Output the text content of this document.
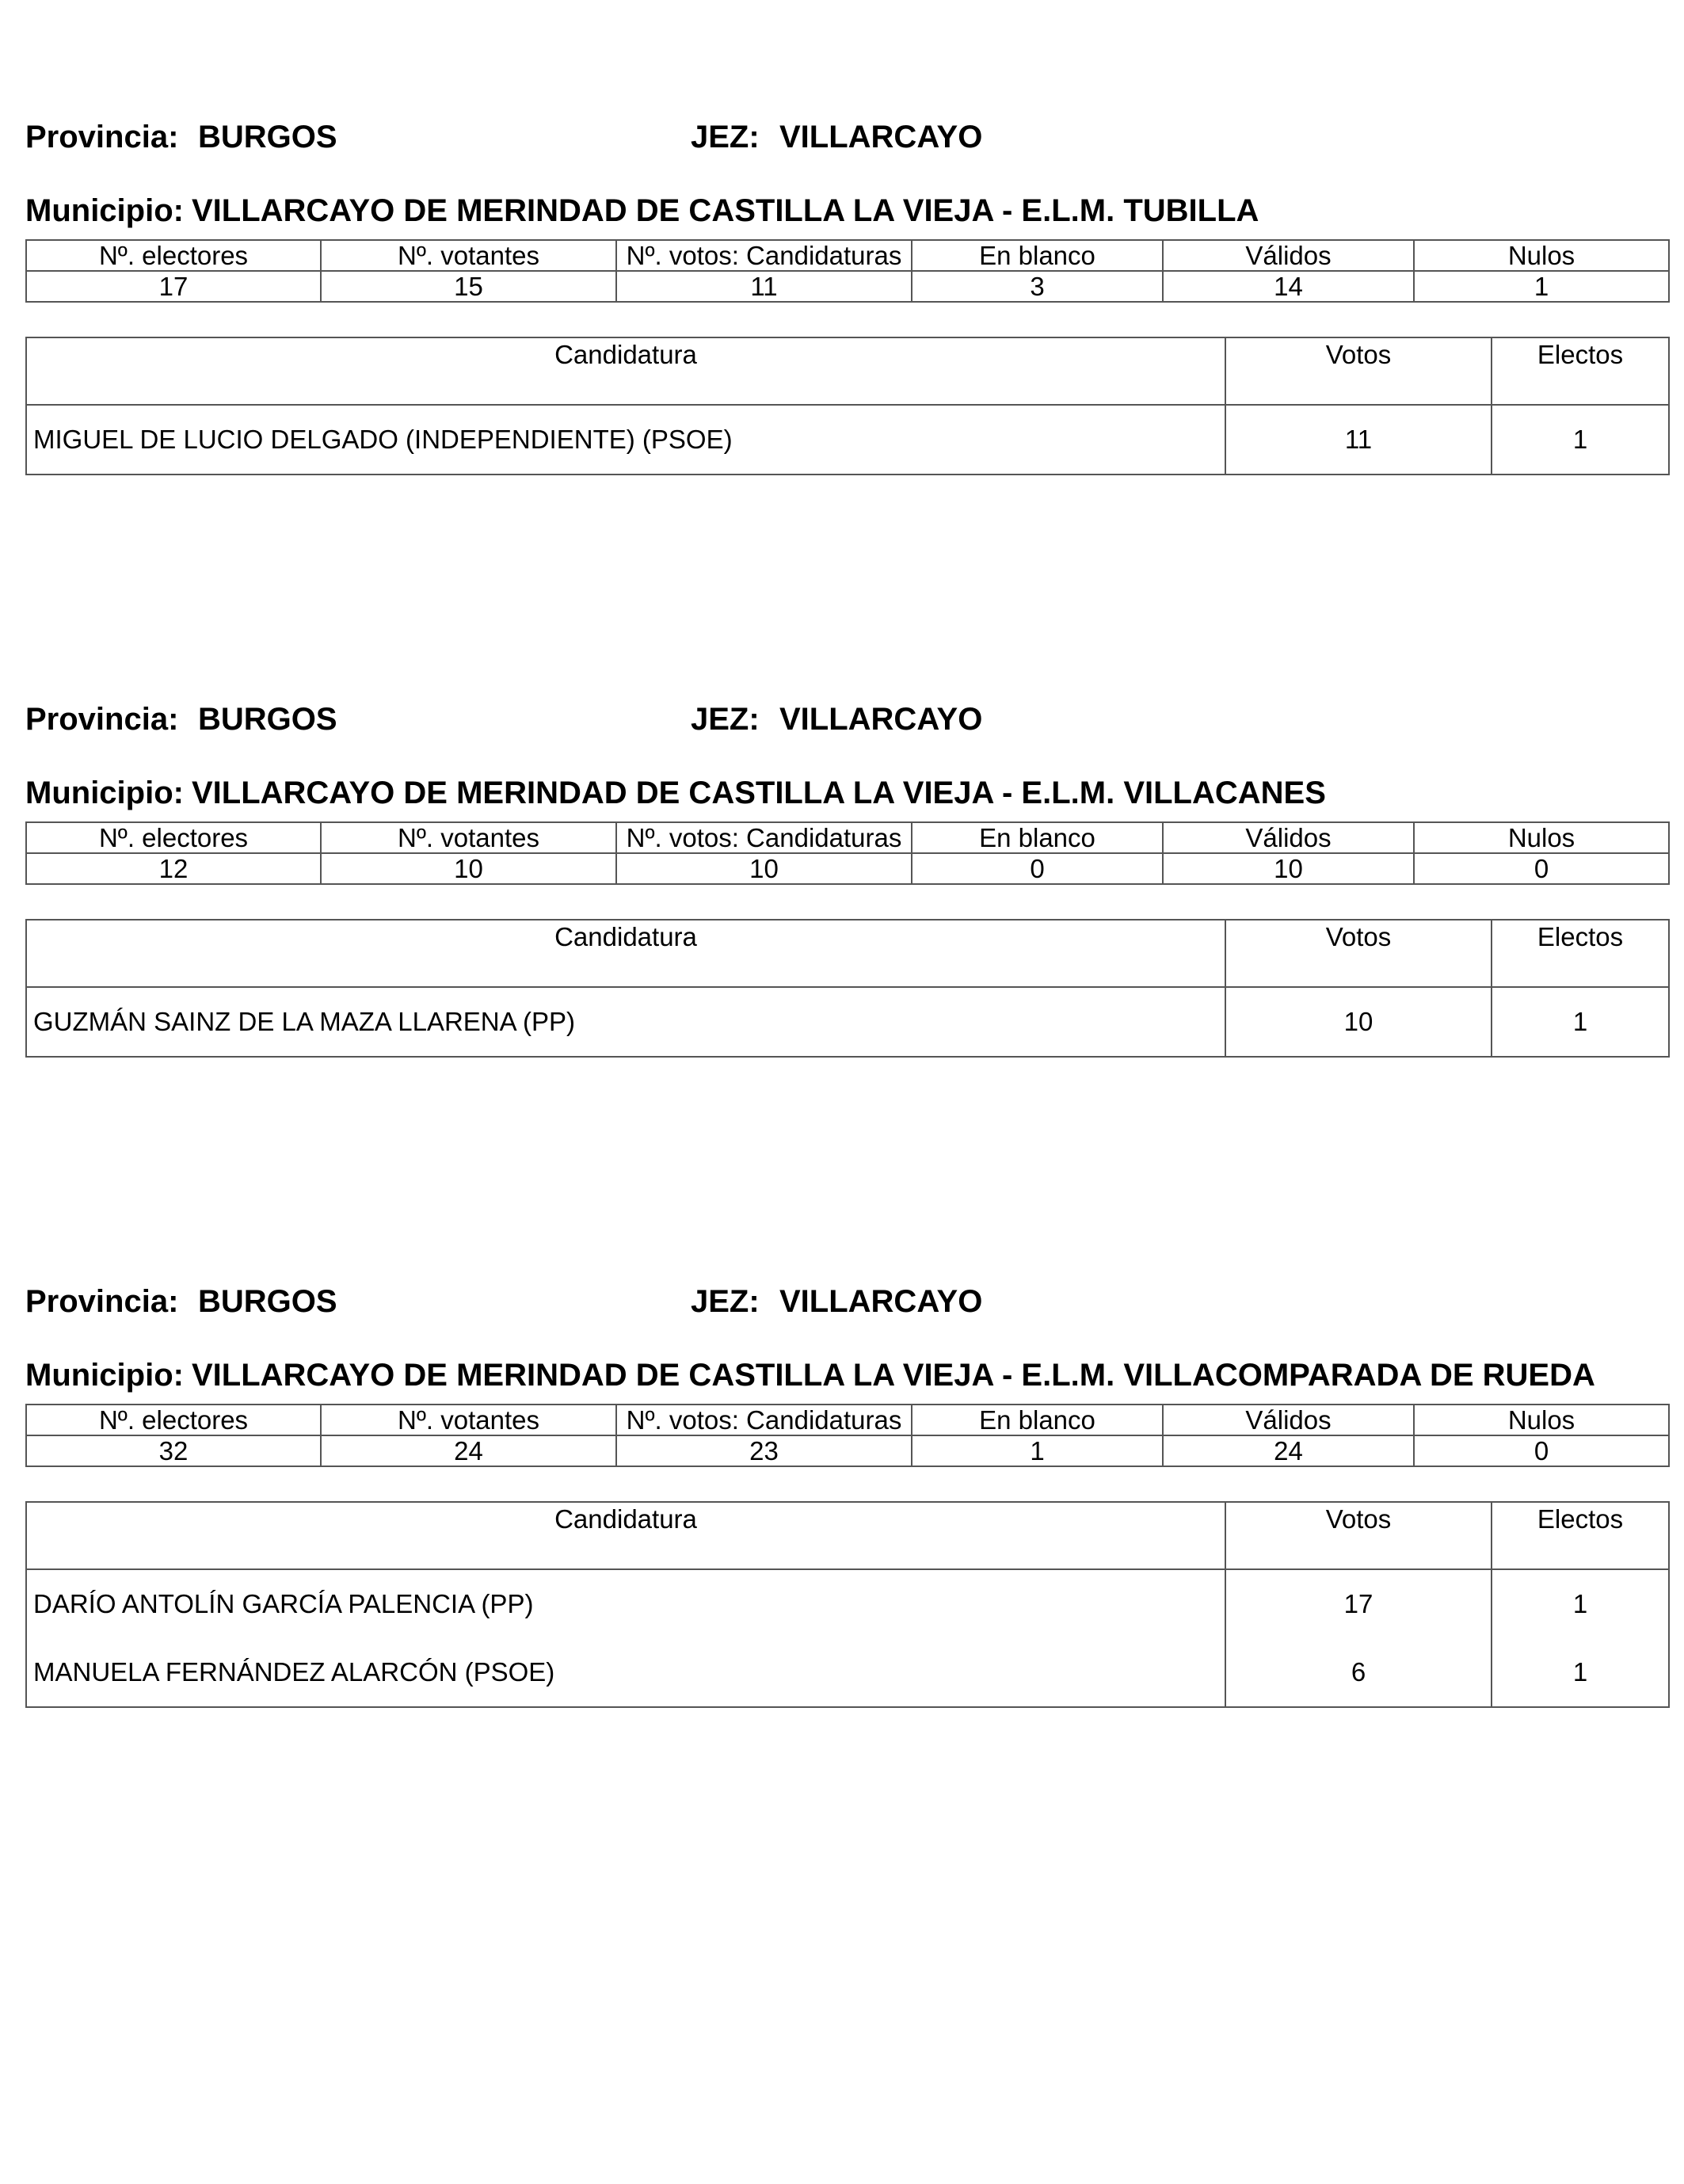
Provincia: BURGOS	JEZ: VILLARCAYO
Municipio: VILLARCAYO DE MERINDAD DE CASTILLA LA VIEJA - E.L.M. TUBILLA
Nº. electores	Nº. votantes	Nº. votos: Candidaturas	En blanco	Válidos	Nulos
17	15	11	3	14	1
Candidatura	Votos	Electos
MIGUEL DE LUCIO DELGADO (INDEPENDIENTE) (PSOE)	11	1
Provincia: BURGOS	JEZ: VILLARCAYO
Municipio: VILLARCAYO DE MERINDAD DE CASTILLA LA VIEJA - E.L.M. VILLACANES
Nº. electores	Nº. votantes	Nº. votos: Candidaturas	En blanco	Válidos	Nulos
12	10	10	0	10	0
Candidatura	Votos	Electos
GUZMÁN SAINZ DE LA MAZA LLARENA (PP)	10	1
Provincia: BURGOS	JEZ: VILLARCAYO
Municipio: VILLARCAYO DE MERINDAD DE CASTILLA LA VIEJA - E.L.M. VILLACOMPARADA DE RUEDA
Nº. electores	Nº. votantes	Nº. votos: Candidaturas	En blanco	Válidos	Nulos
32	24	23	1	24	0
Candidatura	Votos	Electos
DARÍO ANTOLÍN GARCÍA PALENCIA (PP)	17	1
MANUELA FERNÁNDEZ ALARCÓN (PSOE)	6	1
